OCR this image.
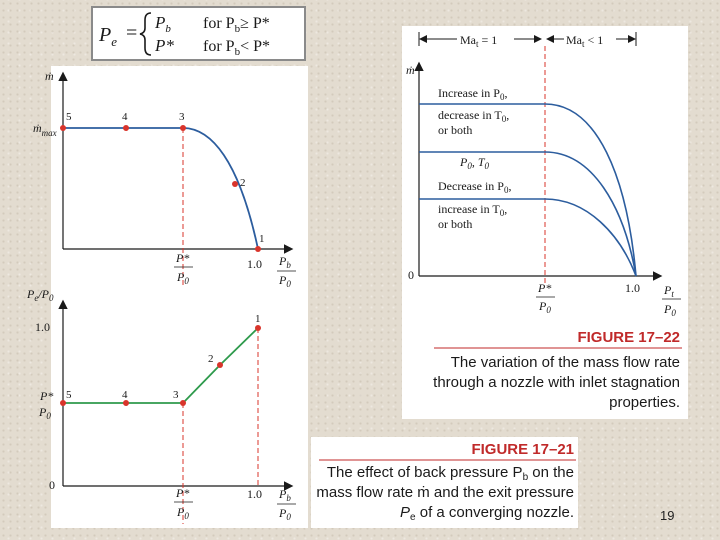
$P_e = P_b$ for $P_b\ge P*$
P* for $P_b< P*$
ṁ
ṁ$_{max}$
5	4	3
2
1
P*
$P_0$
1.0 $P_b$
$P_0$
$P_e/P_0$
1.0
P*
$P_0$
0
5	4	3
2
1
P*
$P_0$
1.0 $P_b$
$P_0$
$Ma_t = 1$	$Ma_t < 1$
ṁ
0
Increase in $P_0$,
decrease in $T_0$,
or both
$P_0$, $T_0$
Decrease in $P_0$,
increase in $T_0$,
or both
P*
$P_0$
1.0 $P_t$
$P_0$
FIGURE 17–22
The variation of the mass flow rate
through a nozzle with inlet stagnation
properties.
FIGURE 17–21
The effect of back pressure $P_b$ on the
mass flow rate ṁ and the exit pressure
$P_e$ of a converging nozzle.	19
